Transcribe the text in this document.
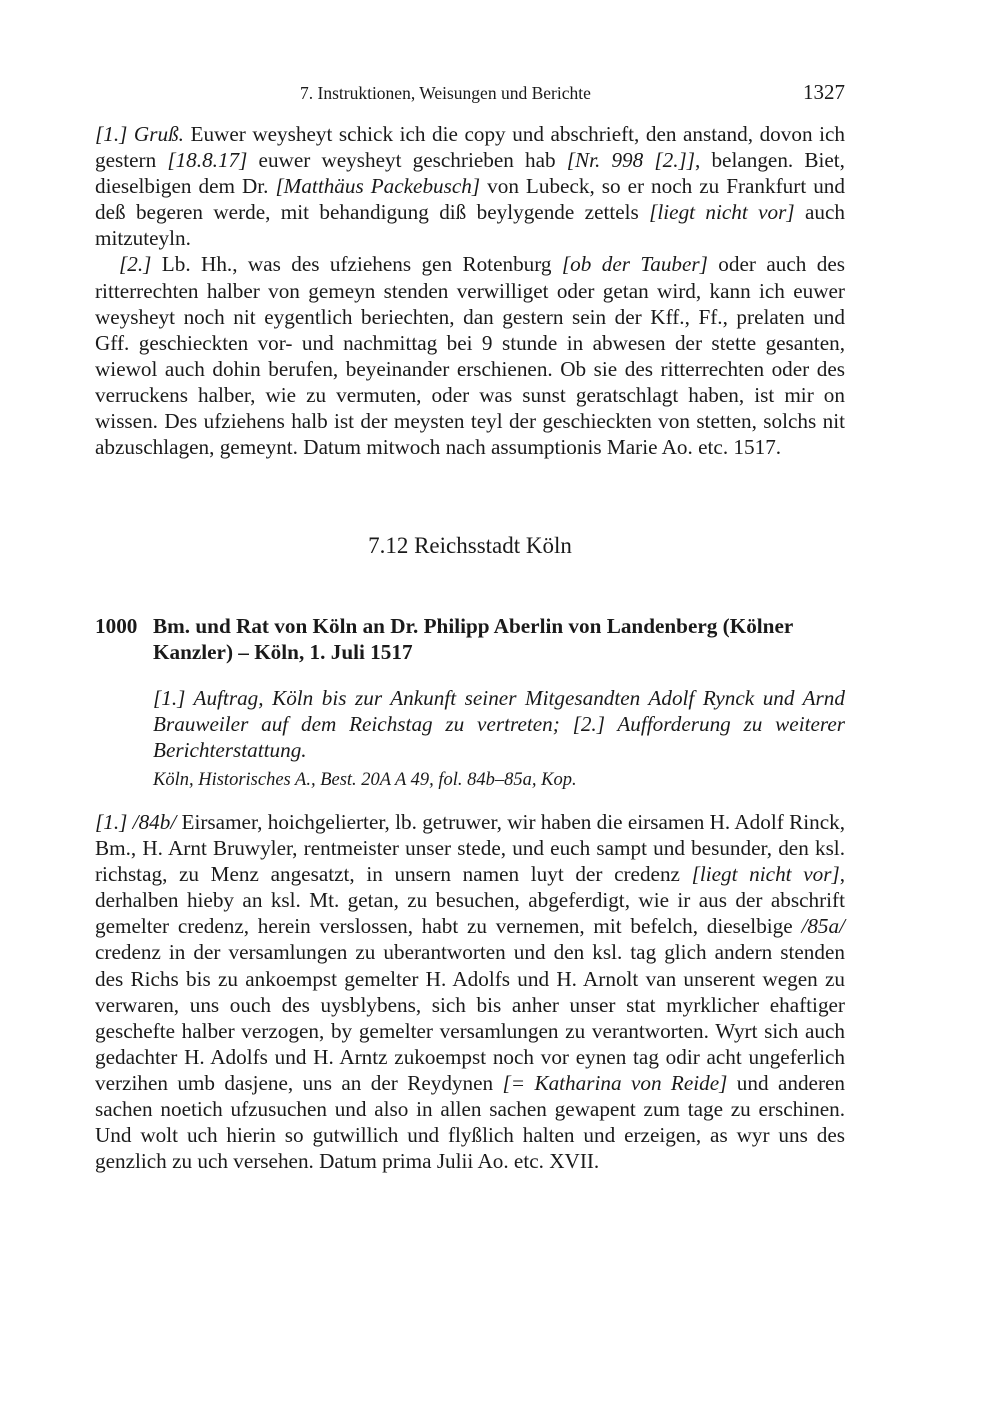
7. Instruktionen, Weisungen und Berichte	1327

[1.] Gruß. Euwer weysheyt schick ich die copy und abschrieft, den anstand, dovon ich gestern [18.8.17] euwer weysheyt geschrieben hab [Nr. 998 [2.]], belangen. Biet, dieselbigen dem Dr. [Matthäus Packebusch] von Lubeck, so er noch zu Frankfurt und deß begeren werde, mit behandigung diß beylygende zettels [liegt nicht vor] auch mitzuteyln.

[2.] Lb. Hh., was des ufziehens gen Rotenburg [ob der Tauber] oder auch des ritterrechten halber von gemeyn stenden verwilliget oder getan wird, kann ich euwer weysheyt noch nit eygentlich beriechten, dan gestern sein der Kff., Ff., prelaten und Gff. geschieckten vor- und nachmittag bei 9 stunde in abwesen der stette gesanten, wiewol auch dohin berufen, beyeinander erschienen. Ob sie des ritterrechten oder des verruckens halber, wie zu vermuten, oder was sunst geratschlagt haben, ist mir on wissen. Des ufziehens halb ist der meysten teyl der geschieckten von stetten, solchs nit abzuschlagen, gemeynt. Datum mitwoch nach assumptionis Marie Ao. etc. 1517.

7.12 Reichsstadt Köln
1000 Bm. und Rat von Köln an Dr. Philipp Aberlin von Landenberg (Kölner Kanzler) – Köln, 1. Juli 1517

[1.] Auftrag, Köln bis zur Ankunft seiner Mitgesandten Adolf Rynck und Arnd Brauweiler auf dem Reichstag zu vertreten; [2.] Aufforderung zu weiterer Berichterstattung.

Köln, Historisches A., Best. 20A A 49, fol. 84b–85a, Kop.

[1.] /84b/ Eirsamer, hoichgelierter, lb. getruwer, wir haben die eirsamen H. Adolf Rinck, Bm., H. Arnt Bruwyler, rentmeister unser stede, und euch sampt und besunder, den ksl. richstag, zu Menz angesatzt, in unsern namen luyt der credenz [liegt nicht vor], derhalben hieby an ksl. Mt. getan, zu besuchen, abgeferdigt, wie ir aus der abschrift gemelter credenz, herein verslossen, habt zu vernemen, mit befelch, dieselbige /85a/ credenz in der versamlungen zu uberantworten und den ksl. tag glich andern stenden des Richs bis zu ankoempst gemelter H. Adolfs und H. Arnolt van unserent wegen zu verwaren, uns ouch des uysblybens, sich bis anher unser stat myrklicher ehaftiger geschefte halber verzogen, by gemelter versamlungen zu verantworten. Wyrt sich auch gedachter H. Adolfs und H. Arntz zukoempst noch vor eynen tag odir acht ungeferlich verzihen umb dasjene, uns an der Reydynen [= Katharina von Reide] und anderen sachen noetich ufzusuchen und also in allen sachen gewapent zum tage zu erschinen. Und wolt uch hierin so gutwillich und flyßlich halten und erzeigen, as wyr uns des genzlich zu uch versehen. Datum prima Julii Ao. etc. XVII.
